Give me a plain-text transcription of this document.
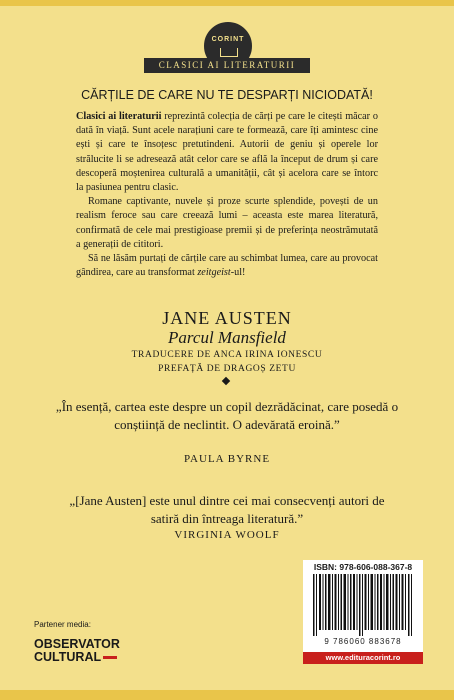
CORINT
CLASICI AI LITERATURII
CĂRȚILE DE CARE NU TE DESPARȚI NICIODATĂ!

Clasici ai literaturii reprezintă colecția de cărți pe care le citești măcar o dată în viață. Sunt acele narațiuni care te formează, care îți amintesc cine ești și care te însoțesc pretutindeni. Autorii de geniu și operele lor strălucite li se adresează atât celor care se află la început de drum și care descoperă moștenirea culturală a umanității, cât și acelora care se întorc la pasiunea pentru clasic.

Romane captivante, nuvele și proze scurte splendide, povești de un realism feroce sau care creează lumi – aceasta este marea literatură, confirmată de cele mai prestigioase premii și de preferința neostrămutată a generații de cititori.

Să ne lăsăm purtați de cărțile care au schimbat lumea, care au provocat gândirea, care au transformat zeitgeist-ul!

JANE AUSTEN
Parcul Mansfield
TRADUCERE DE ANCA IRINA IONESCU
PREFAȚĂ DE DRAGOȘ ZETU
„În esență, cartea este despre un copil dezrădăcinat, care posedă o conștiință de neclintit. O adevărată eroină.”
PAULA BYRNE
„[Jane Austen] este unul dintre cei mai consecvenți autori de satiră din întreaga literatură.”
VIRGINIA WOOLF
ISBN: 978-606-088-367-8
9 786060 883678
www.edituracorint.ro
Partener media:
OBSERVATOR
CULTURAL
